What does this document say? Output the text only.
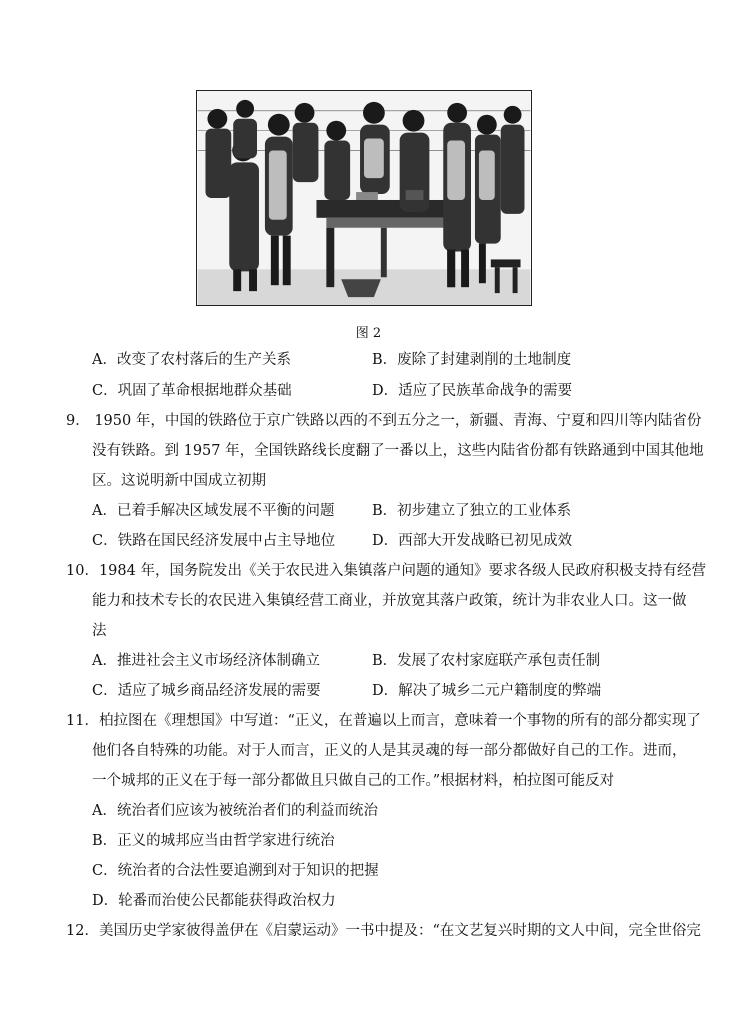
图 2
A．改变了农村落后的生产关系	B．废除了封建剥削的土地制度
C．巩固了革命根据地群众基础	D．适应了民族革命战争的需要
9． 1950 年，中国的铁路位于京广铁路以西的不到五分之一，新疆、青海、宁夏和四川等内陆省份
没有铁路。到 1957 年，全国铁路线长度翻了一番以上，这些内陆省份都有铁路通到中国其他地
区。这说明新中国成立初期
A．已着手解决区域发展不平衡的问题	B．初步建立了独立的工业体系
C．铁路在国民经济发展中占主导地位	D．西部大开发战略已初见成效
10．1984 年，国务院发出《关于农民进入集镇落户问题的通知》要求各级人民政府积极支持有经营
能力和技术专长的农民进入集镇经营工商业，并放宽其落户政策，统计为非农业人口。这一做
法
A．推进社会主义市场经济体制确立	B．发展了农村家庭联产承包责任制
C．适应了城乡商品经济发展的需要	D．解决了城乡二元户籍制度的弊端
11．柏拉图在《理想国》中写道：“正义，在普遍以上而言，意味着一个事物的所有的部分都实现了
他们各自特殊的功能。对于人而言，正义的人是其灵魂的每一部分都做好自己的工作。进而，
一个城邦的正义在于每一部分都做且只做自己的工作。”根据材料，柏拉图可能反对
A．统治者们应该为被统治者们的利益而统治
B．正义的城邦应当由哲学家进行统治
C．统治者的合法性要追溯到对于知识的把握
D．轮番而治使公民都能获得政治权力
12．美国历史学家彼得盖伊在《启蒙运动》一书中提及：“在文艺复兴时期的文人中间，完全世俗完
